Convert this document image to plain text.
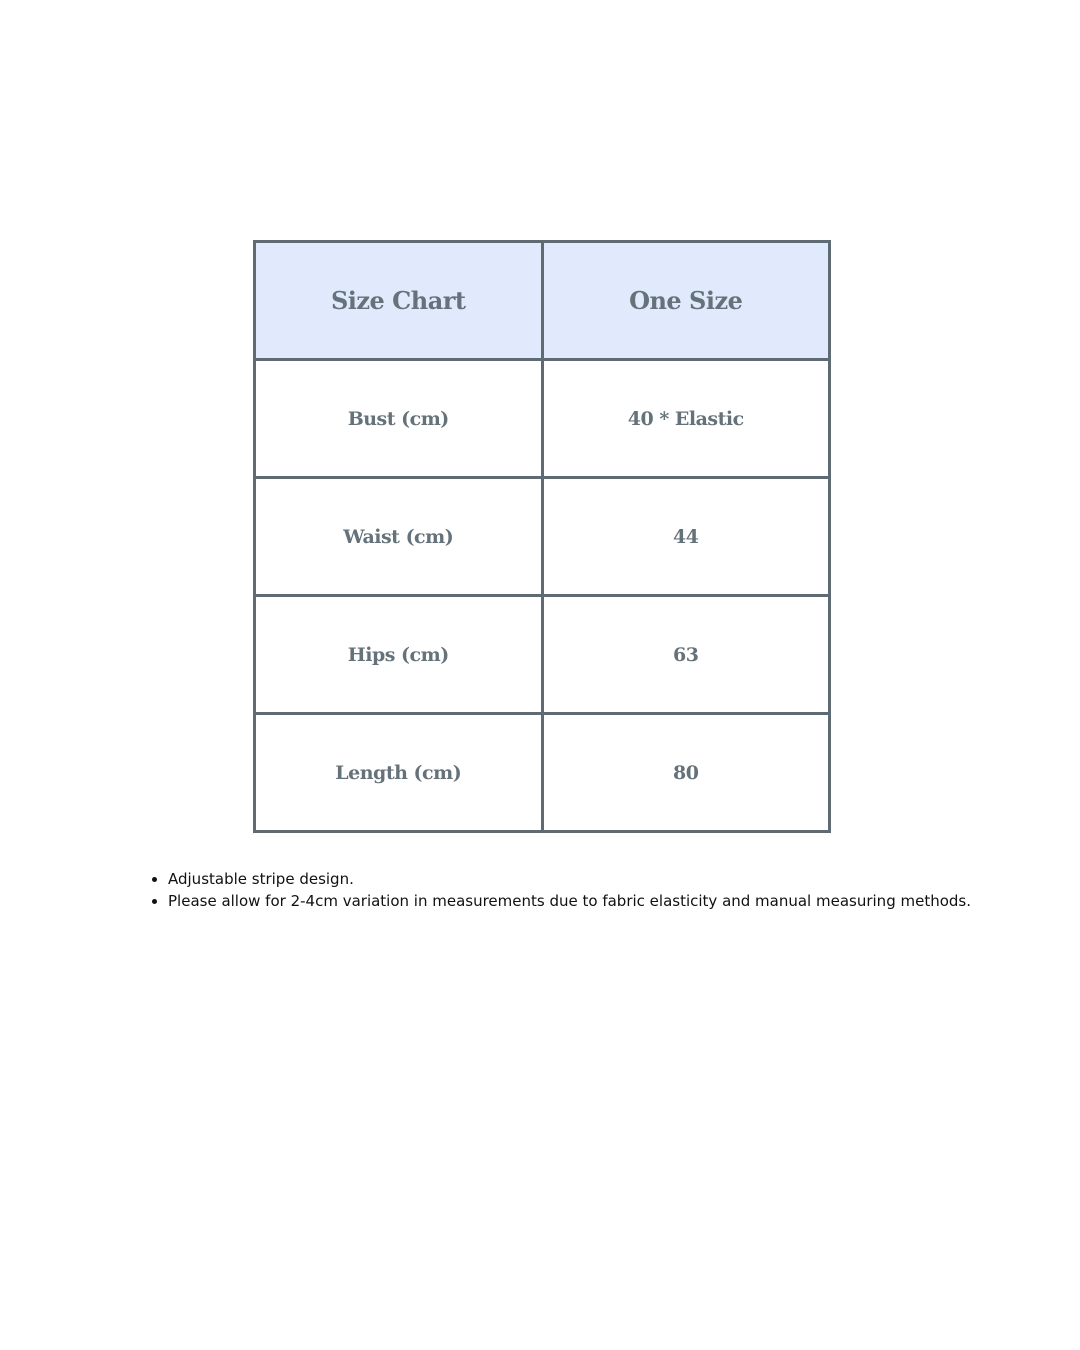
Size Chart	One Size
Bust (cm)	40 * Elastic
Waist (cm)	44
Hips (cm)	63
Length (cm)	80
• Adjustable stripe design.
• Please allow for 2-4cm variation in measurements due to fabric elasticity and manual measuring methods.
